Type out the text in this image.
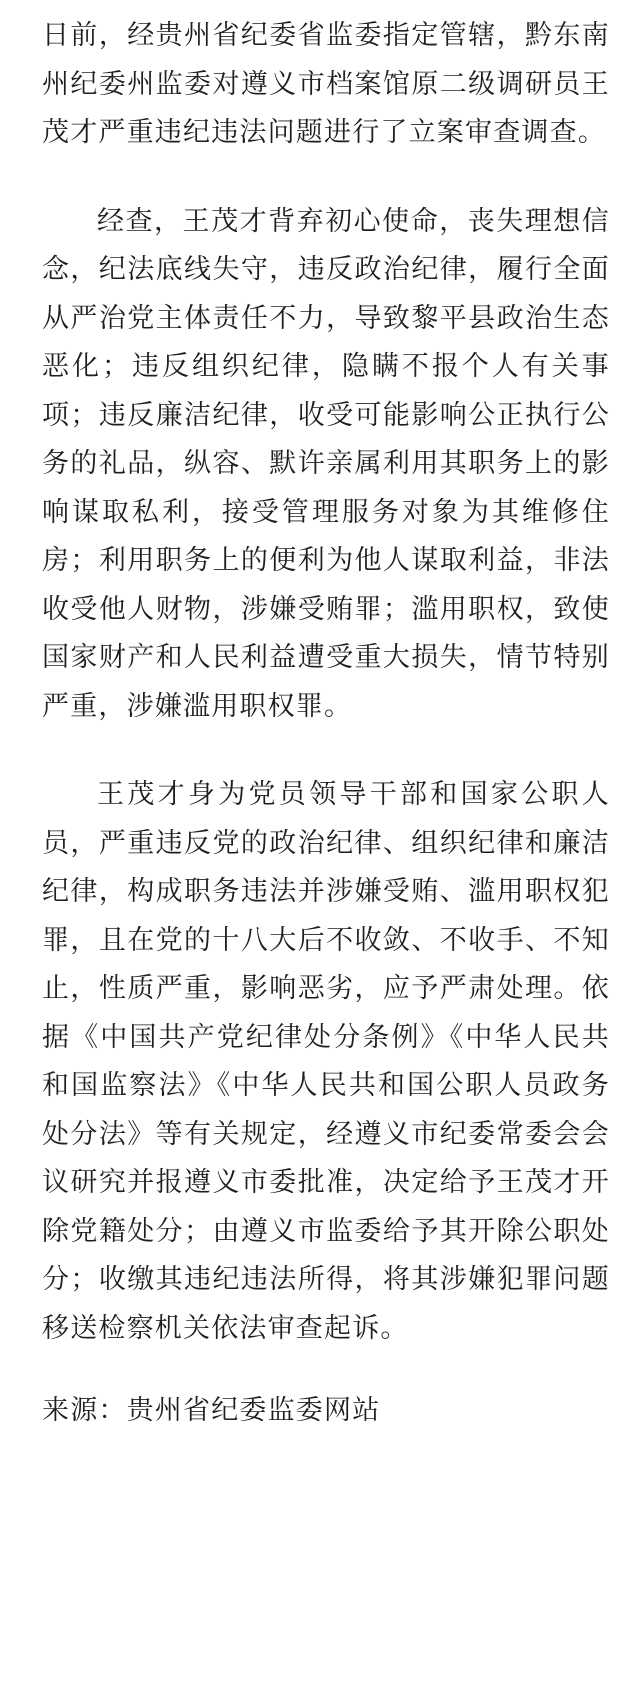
日前，经贵州省纪委省监委指定管辖，黔东南州纪委州监委对遵义市档案馆原二级调研员王茂才严重违纪违法问题进行了立案审查调查。

经查，王茂才背弃初心使命，丧失理想信念，纪法底线失守，违反政治纪律，履行全面从严治党主体责任不力，导致黎平县政治生态恶化；违反组织纪律，隐瞒不报个人有关事项；违反廉洁纪律，收受可能影响公正执行公务的礼品，纵容、默许亲属利用其职务上的影响谋取私利，接受管理服务对象为其维修住房；利用职务上的便利为他人谋取利益，非法收受他人财物，涉嫌受贿罪；滥用职权，致使国家财产和人民利益遭受重大损失，情节特别严重，涉嫌滥用职权罪。

王茂才身为党员领导干部和国家公职人员，严重违反党的政治纪律、组织纪律和廉洁纪律，构成职务违法并涉嫌受贿、滥用职权犯罪，且在党的十八大后不收敛、不收手、不知止，性质严重，影响恶劣，应予严肃处理。依据《中国共产党纪律处分条例》《中华人民共和国监察法》《中华人民共和国公职人员政务处分法》等有关规定，经遵义市纪委常委会会议研究并报遵义市委批准，决定给予王茂才开除党籍处分；由遵义市监委给予其开除公职处分；收缴其违纪违法所得，将其涉嫌犯罪问题移送检察机关依法审查起诉。

来源：贵州省纪委监委网站
